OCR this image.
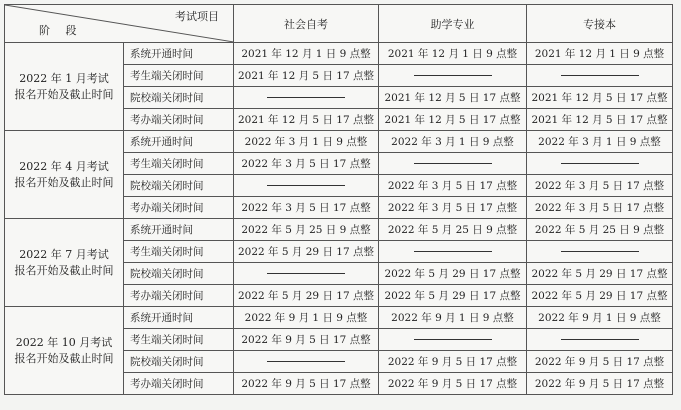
考试项目
阶 段		社会自考	助学专业	专接本

2022 年 1 月考试
报名开始及截止时间	系统开通时间	2021 年 12 月 1 日 9 点整	2021 年 12 月 1 日 9 点整	2021 年 12 月 1 日 9 点整
	考生端关闭时间	2021 年 12 月 5 日 17 点整		
	院校端关闭时间		2021 年 12 月 5 日 17 点整	2021 年 12 月 5 日 17 点整
	考办端关闭时间	2021 年 12 月 5 日 17 点整	2021 年 12 月 5 日 17 点整	2021 年 12 月 5 日 17 点整

2022 年 4 月考试
报名开始及截止时间	系统开通时间	2022 年 3 月 1 日 9 点整	2022 年 3 月 1 日 9 点整	2022 年 3 月 1 日 9 点整
	考生端关闭时间	2022 年 3 月 5 日 17 点整		
	院校端关闭时间		2022 年 3 月 5 日 17 点整	2022 年 3 月 5 日 17 点整
	考办端关闭时间	2022 年 3 月 5 日 17 点整	2022 年 3 月 5 日 17 点整	2022 年 3 月 5 日 17 点整

2022 年 7 月考试
报名开始及截止时间	系统开通时间	2022 年 5 月 25 日 9 点整	2022 年 5 月 25 日 9 点整	2022 年 5 月 25 日 9 点整
	考生端关闭时间	2022 年 5 月 29 日 17 点整		
	院校端关闭时间		2022 年 5 月 29 日 17 点整	2022 年 5 月 29 日 17 点整
	考办端关闭时间	2022 年 5 月 29 日 17 点整	2022 年 5 月 29 日 17 点整	2022 年 5 月 29 日 17 点整

2022 年 10 月考试
报名开始及截止时间	系统开通时间	2022 年 9 月 1 日 9 点整	2022 年 9 月 1 日 9 点整	2022 年 9 月 1 日 9 点整
	考生端关闭时间	2022 年 9 月 5 日 17 点整		
	院校端关闭时间		2022 年 9 月 5 日 17 点整	2022 年 9 月 5 日 17 点整
	考办端关闭时间	2022 年 9 月 5 日 17 点整	2022 年 9 月 5 日 17 点整	2022 年 9 月 5 日 17 点整
